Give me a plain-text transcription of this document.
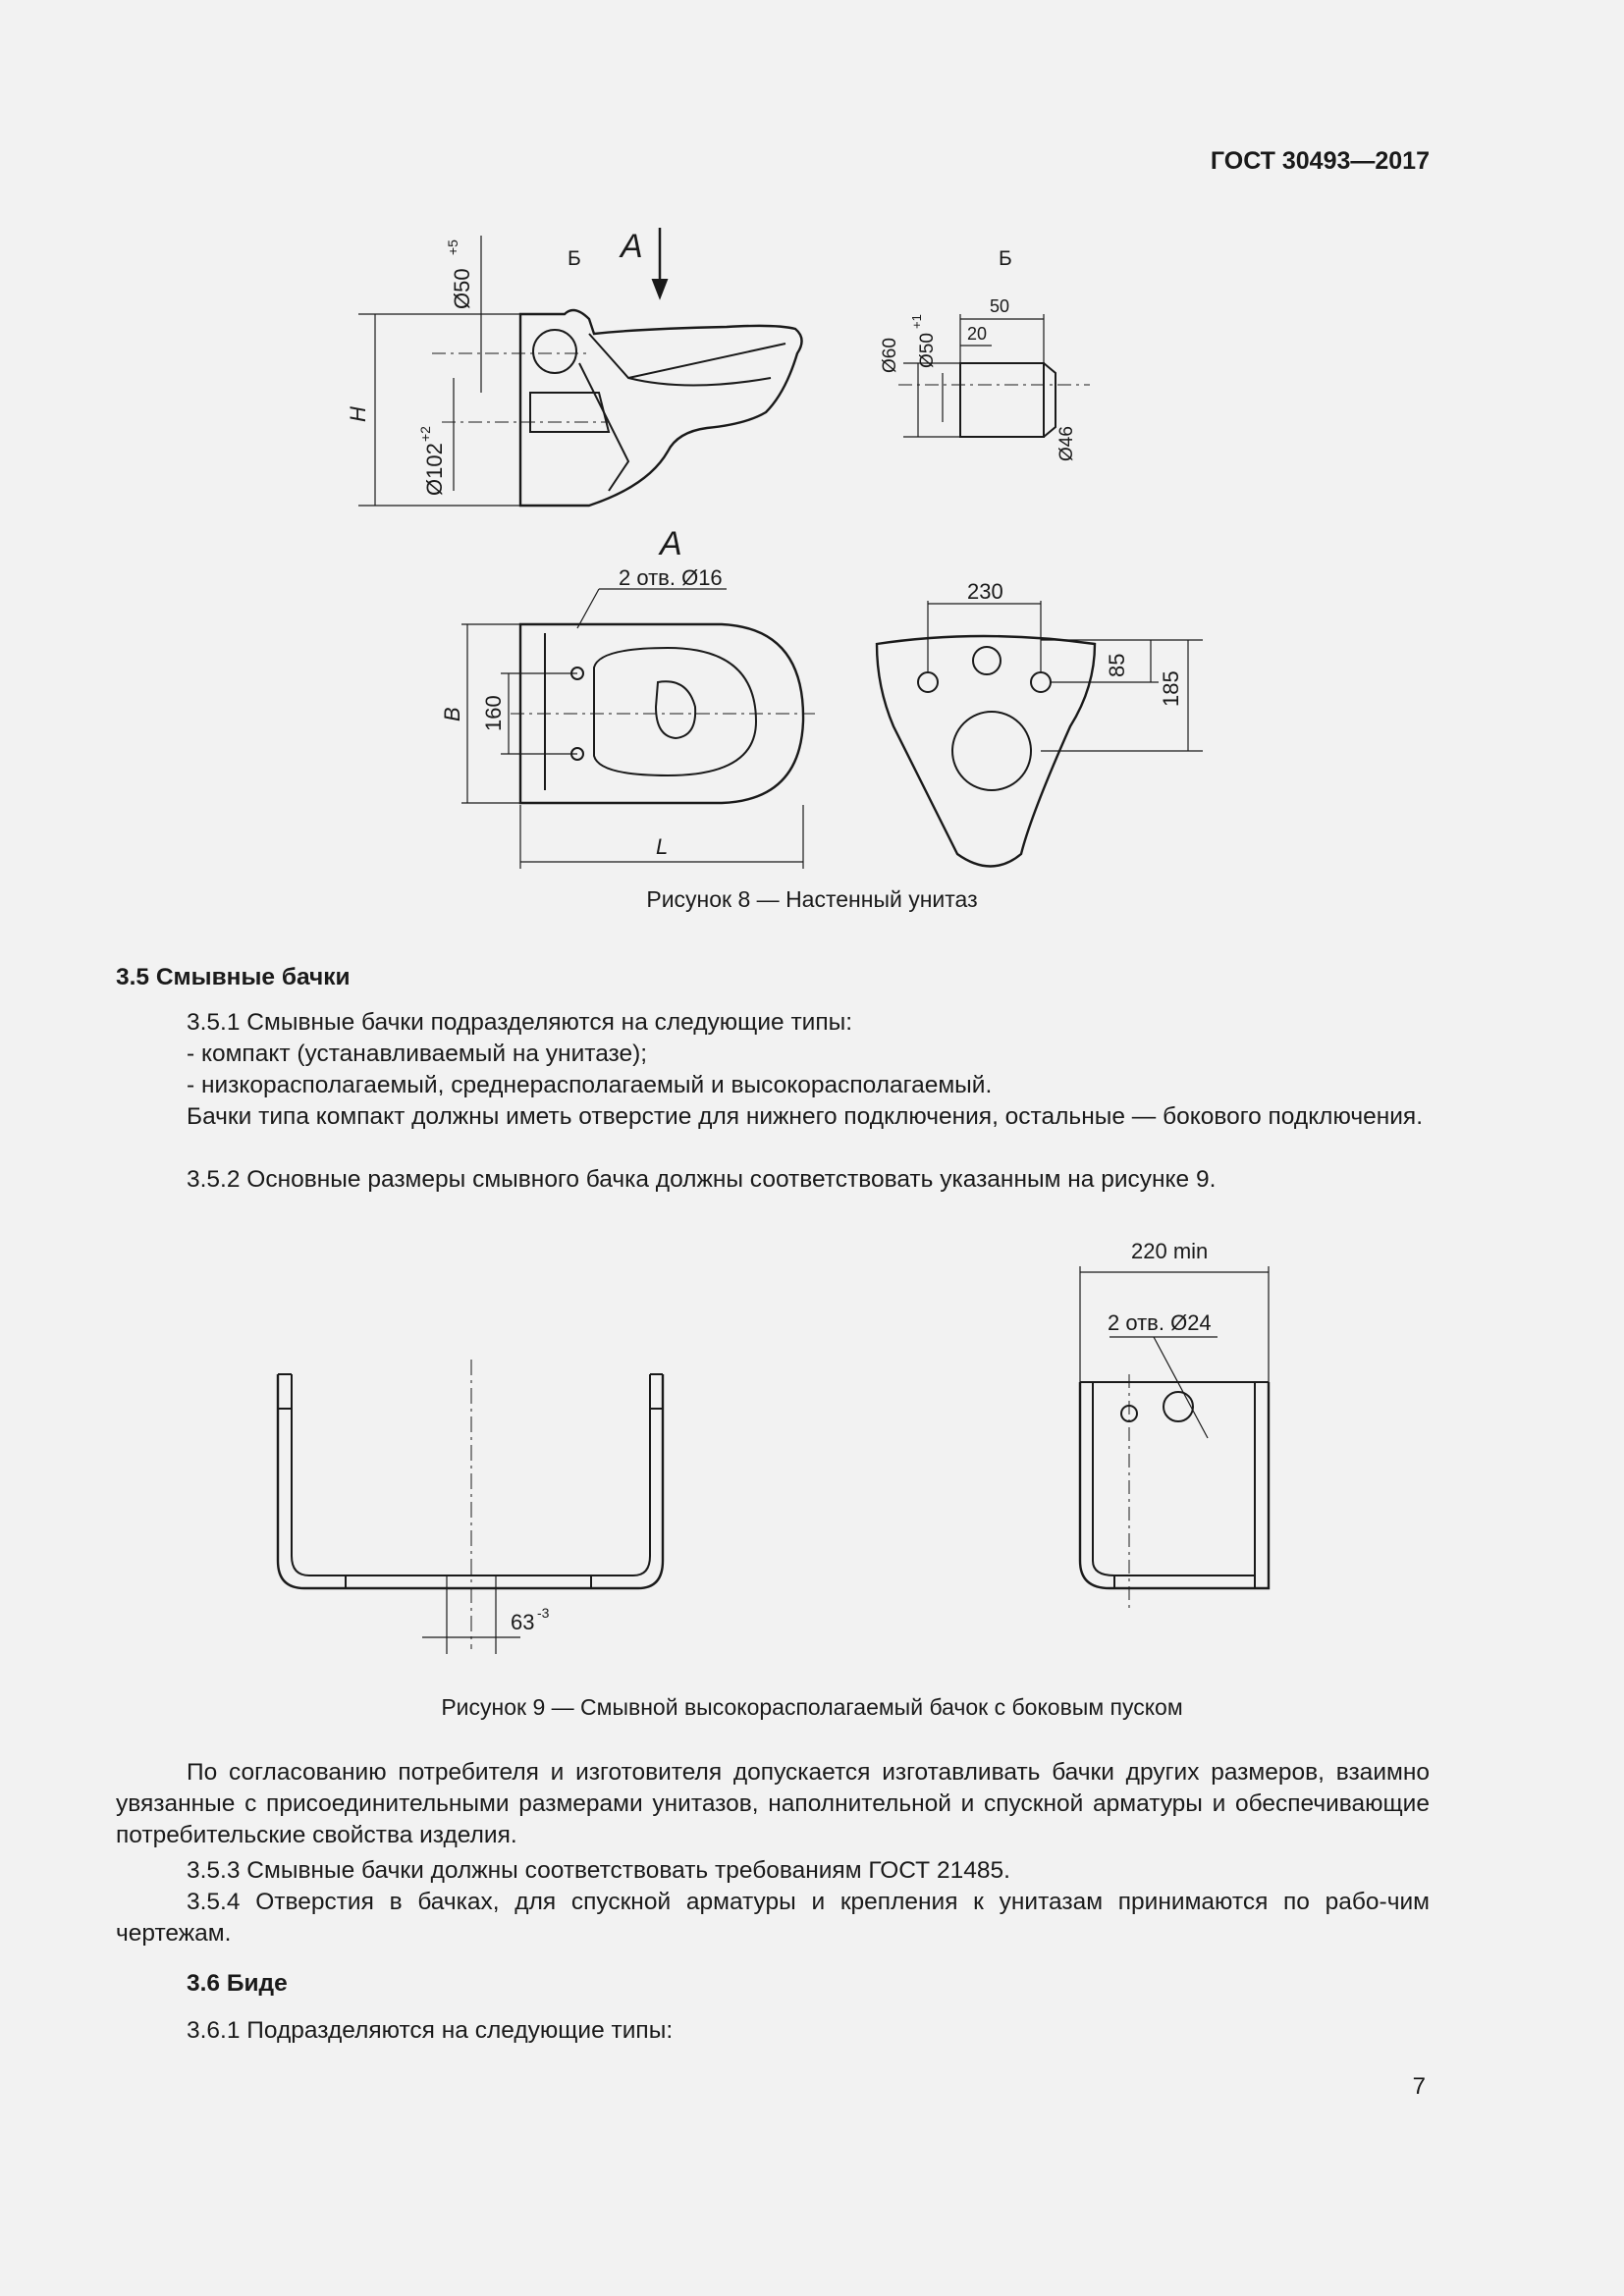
ГОСТ 30493—2017
А
Б	Б
Ø50
+5
H
Ø102
+2
Ø60 Ø50
+1
Ø46
50
20
А
2 отв. Ø16
B 160
L
230
85
185
Рисунок 8 — Настенный унитаз
3.5 Смывные бачки
3.5.1 Смывные бачки подразделяются на следующие типы:
- компакт (устанавливаемый на унитазе);
- низкорасполагаемый, среднерасполагаемый и высокорасполагаемый.
Бачки типа компакт должны иметь отверстие для нижнего подключения, остальные — бокового подключения.
3.5.2 Основные размеры смывного бачка должны соответствовать указанным на рисунке 9.
63 -3
220 min
2 отв. Ø24
Рисунок 9 — Смывной высокорасполагаемый бачок с боковым пуском
По согласованию потребителя и изготовителя допускается изготавливать бачки других размеров, взаимно увязанные с присоединительными размерами унитазов, наполнительной и спускной арматуры и обеспечивающие потребительские свойства изделия.
3.5.3 Смывные бачки должны соответствовать требованиям ГОСТ 21485.
3.5.4 Отверстия в бачках, для спускной арматуры и крепления к унитазам принимаются по рабо-чим чертежам.
3.6 Биде
3.6.1 Подразделяются на следующие типы:
7
